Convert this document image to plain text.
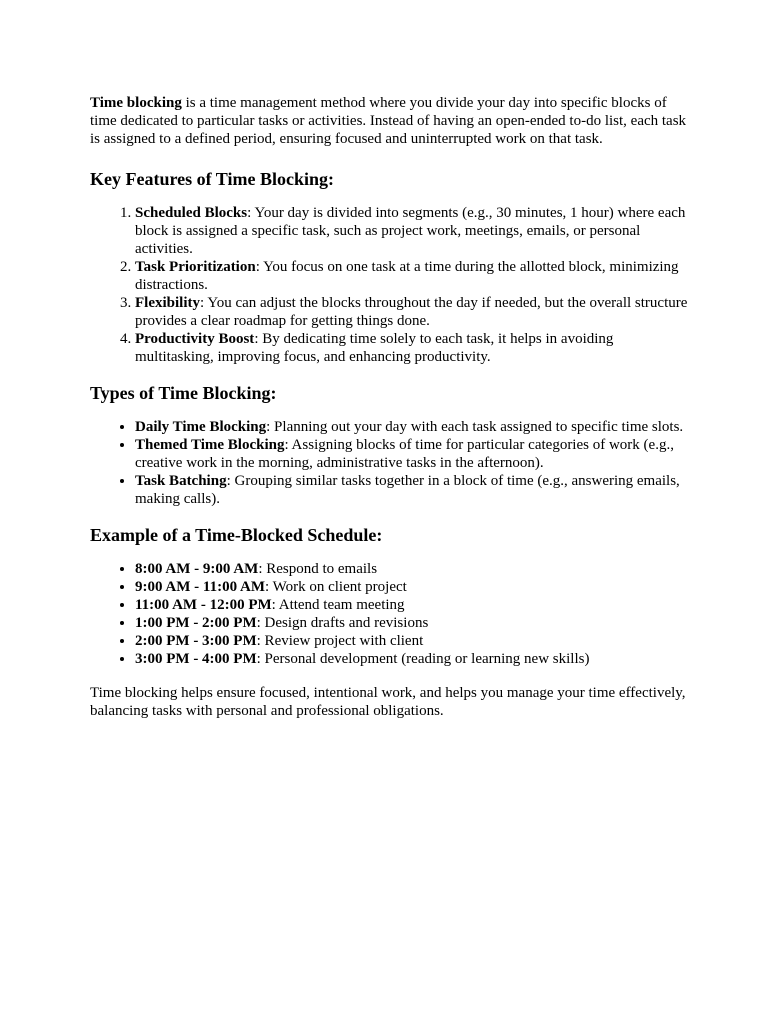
Time blocking is a time management method where you divide your day into specific blocks of time dedicated to particular tasks or activities. Instead of having an open-ended to-do list, each task is assigned to a defined period, ensuring focused and uninterrupted work on that task.

Key Features of Time Blocking:
1. Scheduled Blocks: Your day is divided into segments (e.g., 30 minutes, 1 hour) where each block is assigned a specific task, such as project work, meetings, emails, or personal activities.
2. Task Prioritization: You focus on one task at a time during the allotted block, minimizing distractions.
3. Flexibility: You can adjust the blocks throughout the day if needed, but the overall structure provides a clear roadmap for getting things done.
4. Productivity Boost: By dedicating time solely to each task, it helps in avoiding multitasking, improving focus, and enhancing productivity.
Types of Time Blocking:
• Daily Time Blocking: Planning out your day with each task assigned to specific time slots.
• Themed Time Blocking: Assigning blocks of time for particular categories of work (e.g., creative work in the morning, administrative tasks in the afternoon).
• Task Batching: Grouping similar tasks together in a block of time (e.g., answering emails, making calls).
Example of a Time-Blocked Schedule:
• 8:00 AM - 9:00 AM: Respond to emails
• 9:00 AM - 11:00 AM: Work on client project
• 11:00 AM - 12:00 PM: Attend team meeting
• 1:00 PM - 2:00 PM: Design drafts and revisions
• 2:00 PM - 3:00 PM: Review project with client
• 3:00 PM - 4:00 PM: Personal development (reading or learning new skills)

Time blocking helps ensure focused, intentional work, and helps you manage your time effectively, balancing tasks with personal and professional obligations.
